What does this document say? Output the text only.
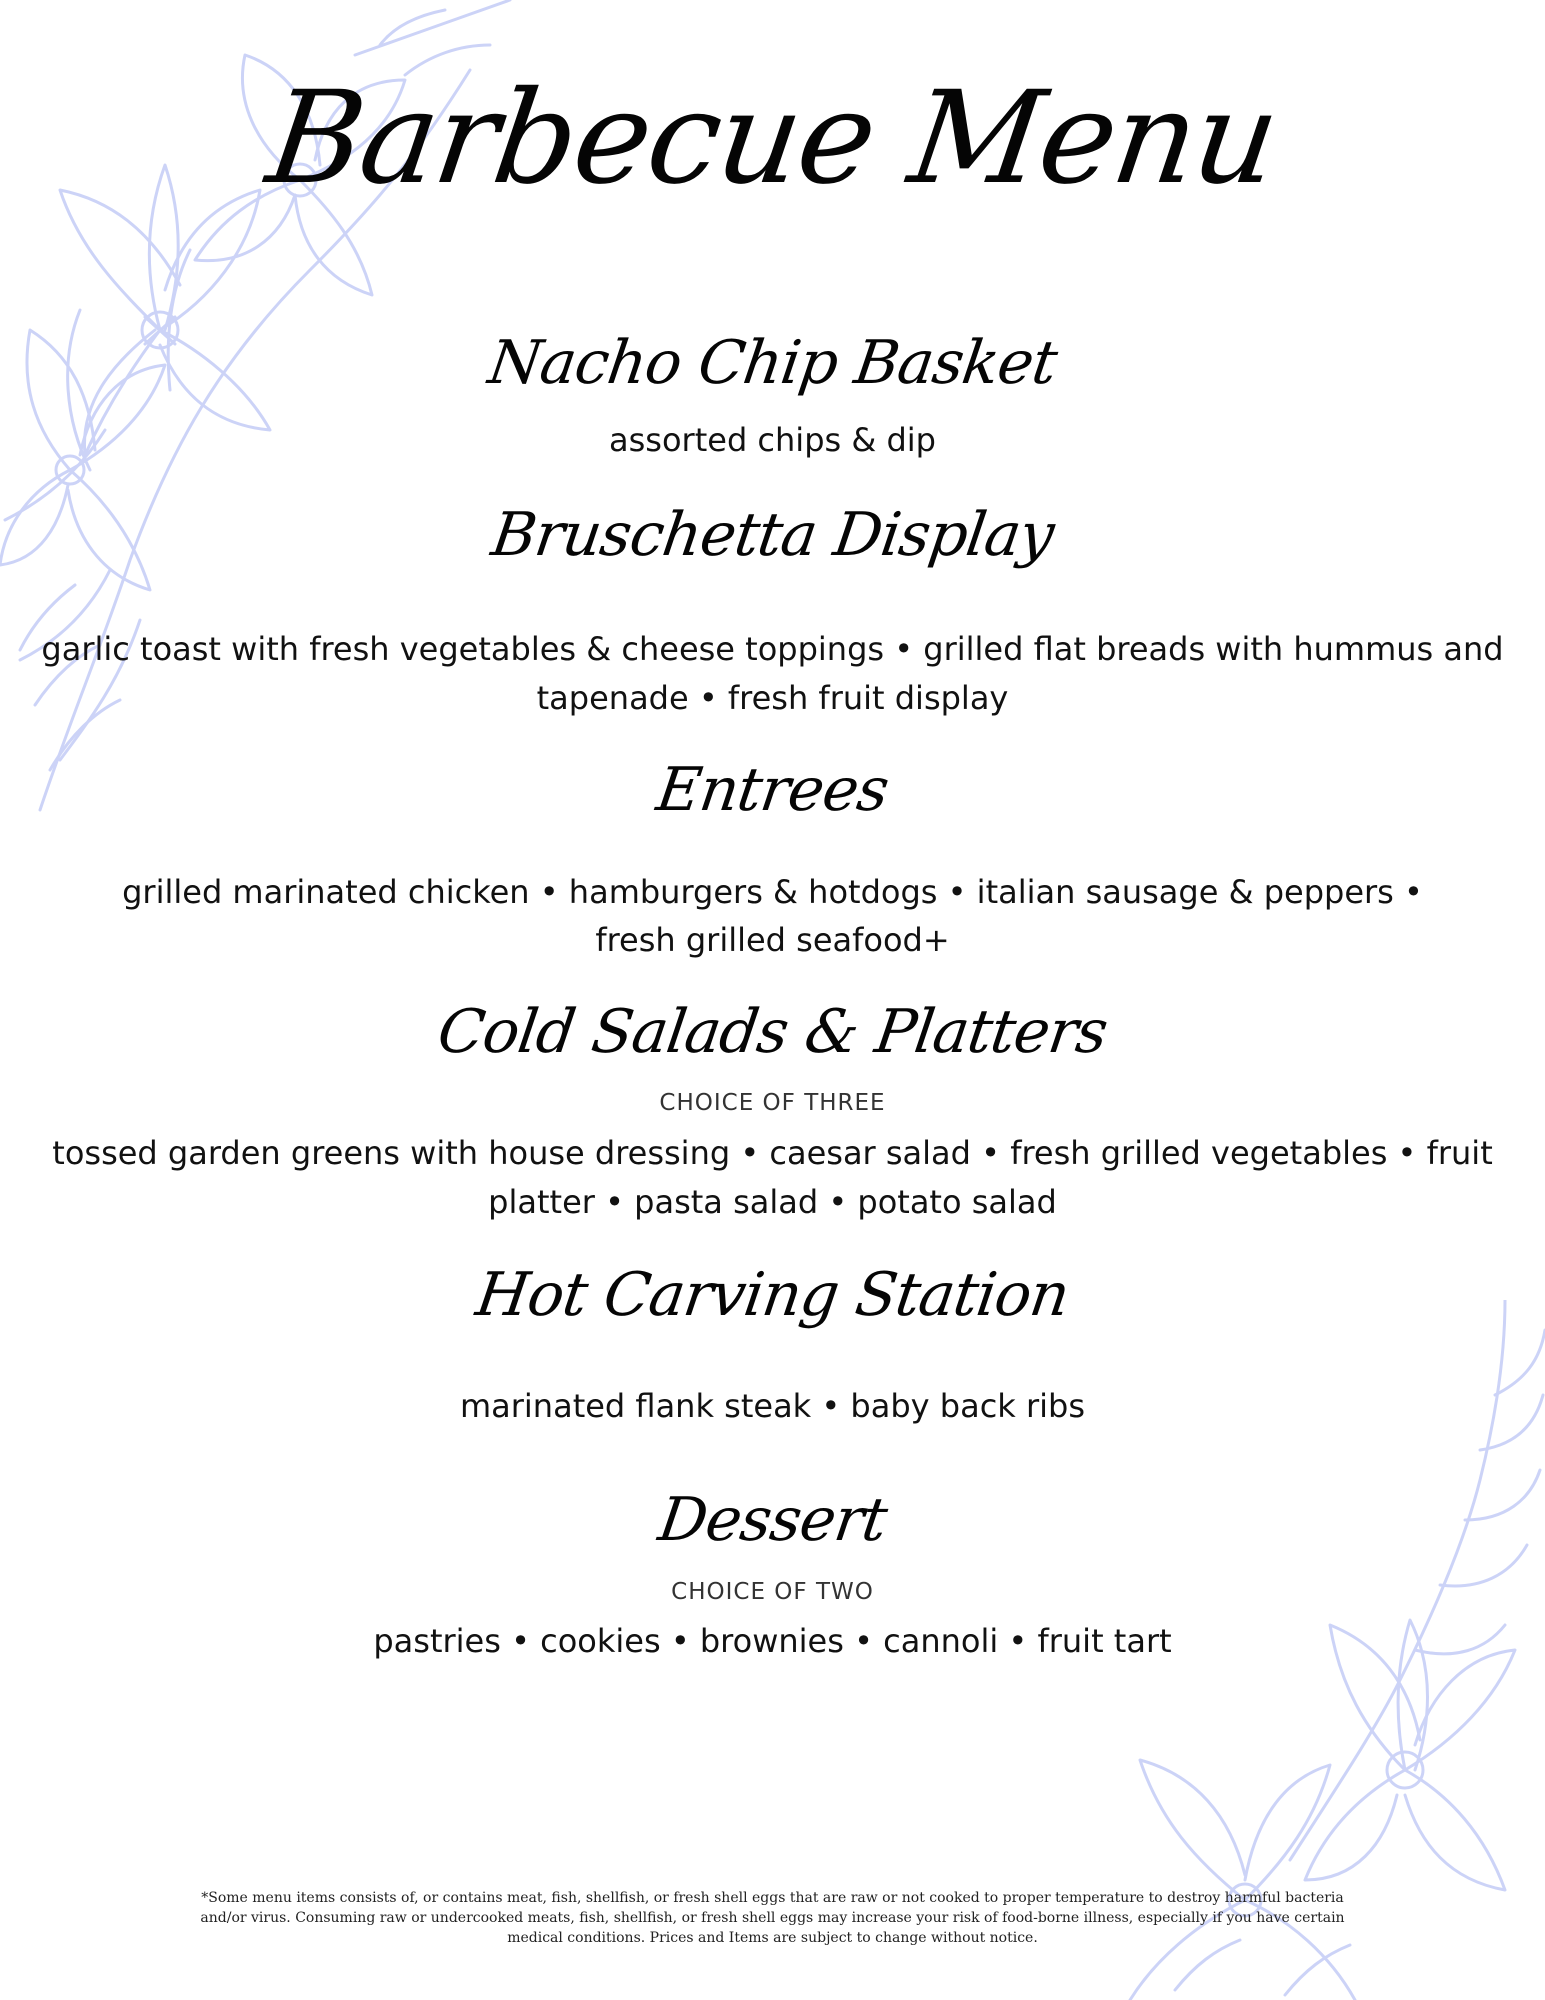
Barbecue Menu
Nacho Chip Basket
assorted chips & dip
Bruschetta Display
garlic toast with fresh vegetables & cheese toppings • grilled flat breads with hummus and
tapenade • fresh fruit display
Entrees
grilled marinated chicken • hamburgers & hotdogs • italian sausage & peppers •
fresh grilled seafood+
Cold Salads & Platters
CHOICE OF THREE
tossed garden greens with house dressing • caesar salad • fresh grilled vegetables • fruit
platter • pasta salad • potato salad
Hot Carving Station
marinated flank steak • baby back ribs
Dessert
CHOICE OF TWO
pastries • cookies • brownies • cannoli • fruit tart
*Some menu items consists of, or contains meat, fish, shellfish, or fresh shell eggs that are raw or not cooked to proper temperature to destroy harmful bacteria and/or virus. Consuming raw or undercooked meats, fish, shellfish, or fresh shell eggs may increase your risk of food-borne illness, especially if you have certain medical conditions. Prices and Items are subject to change without notice.
